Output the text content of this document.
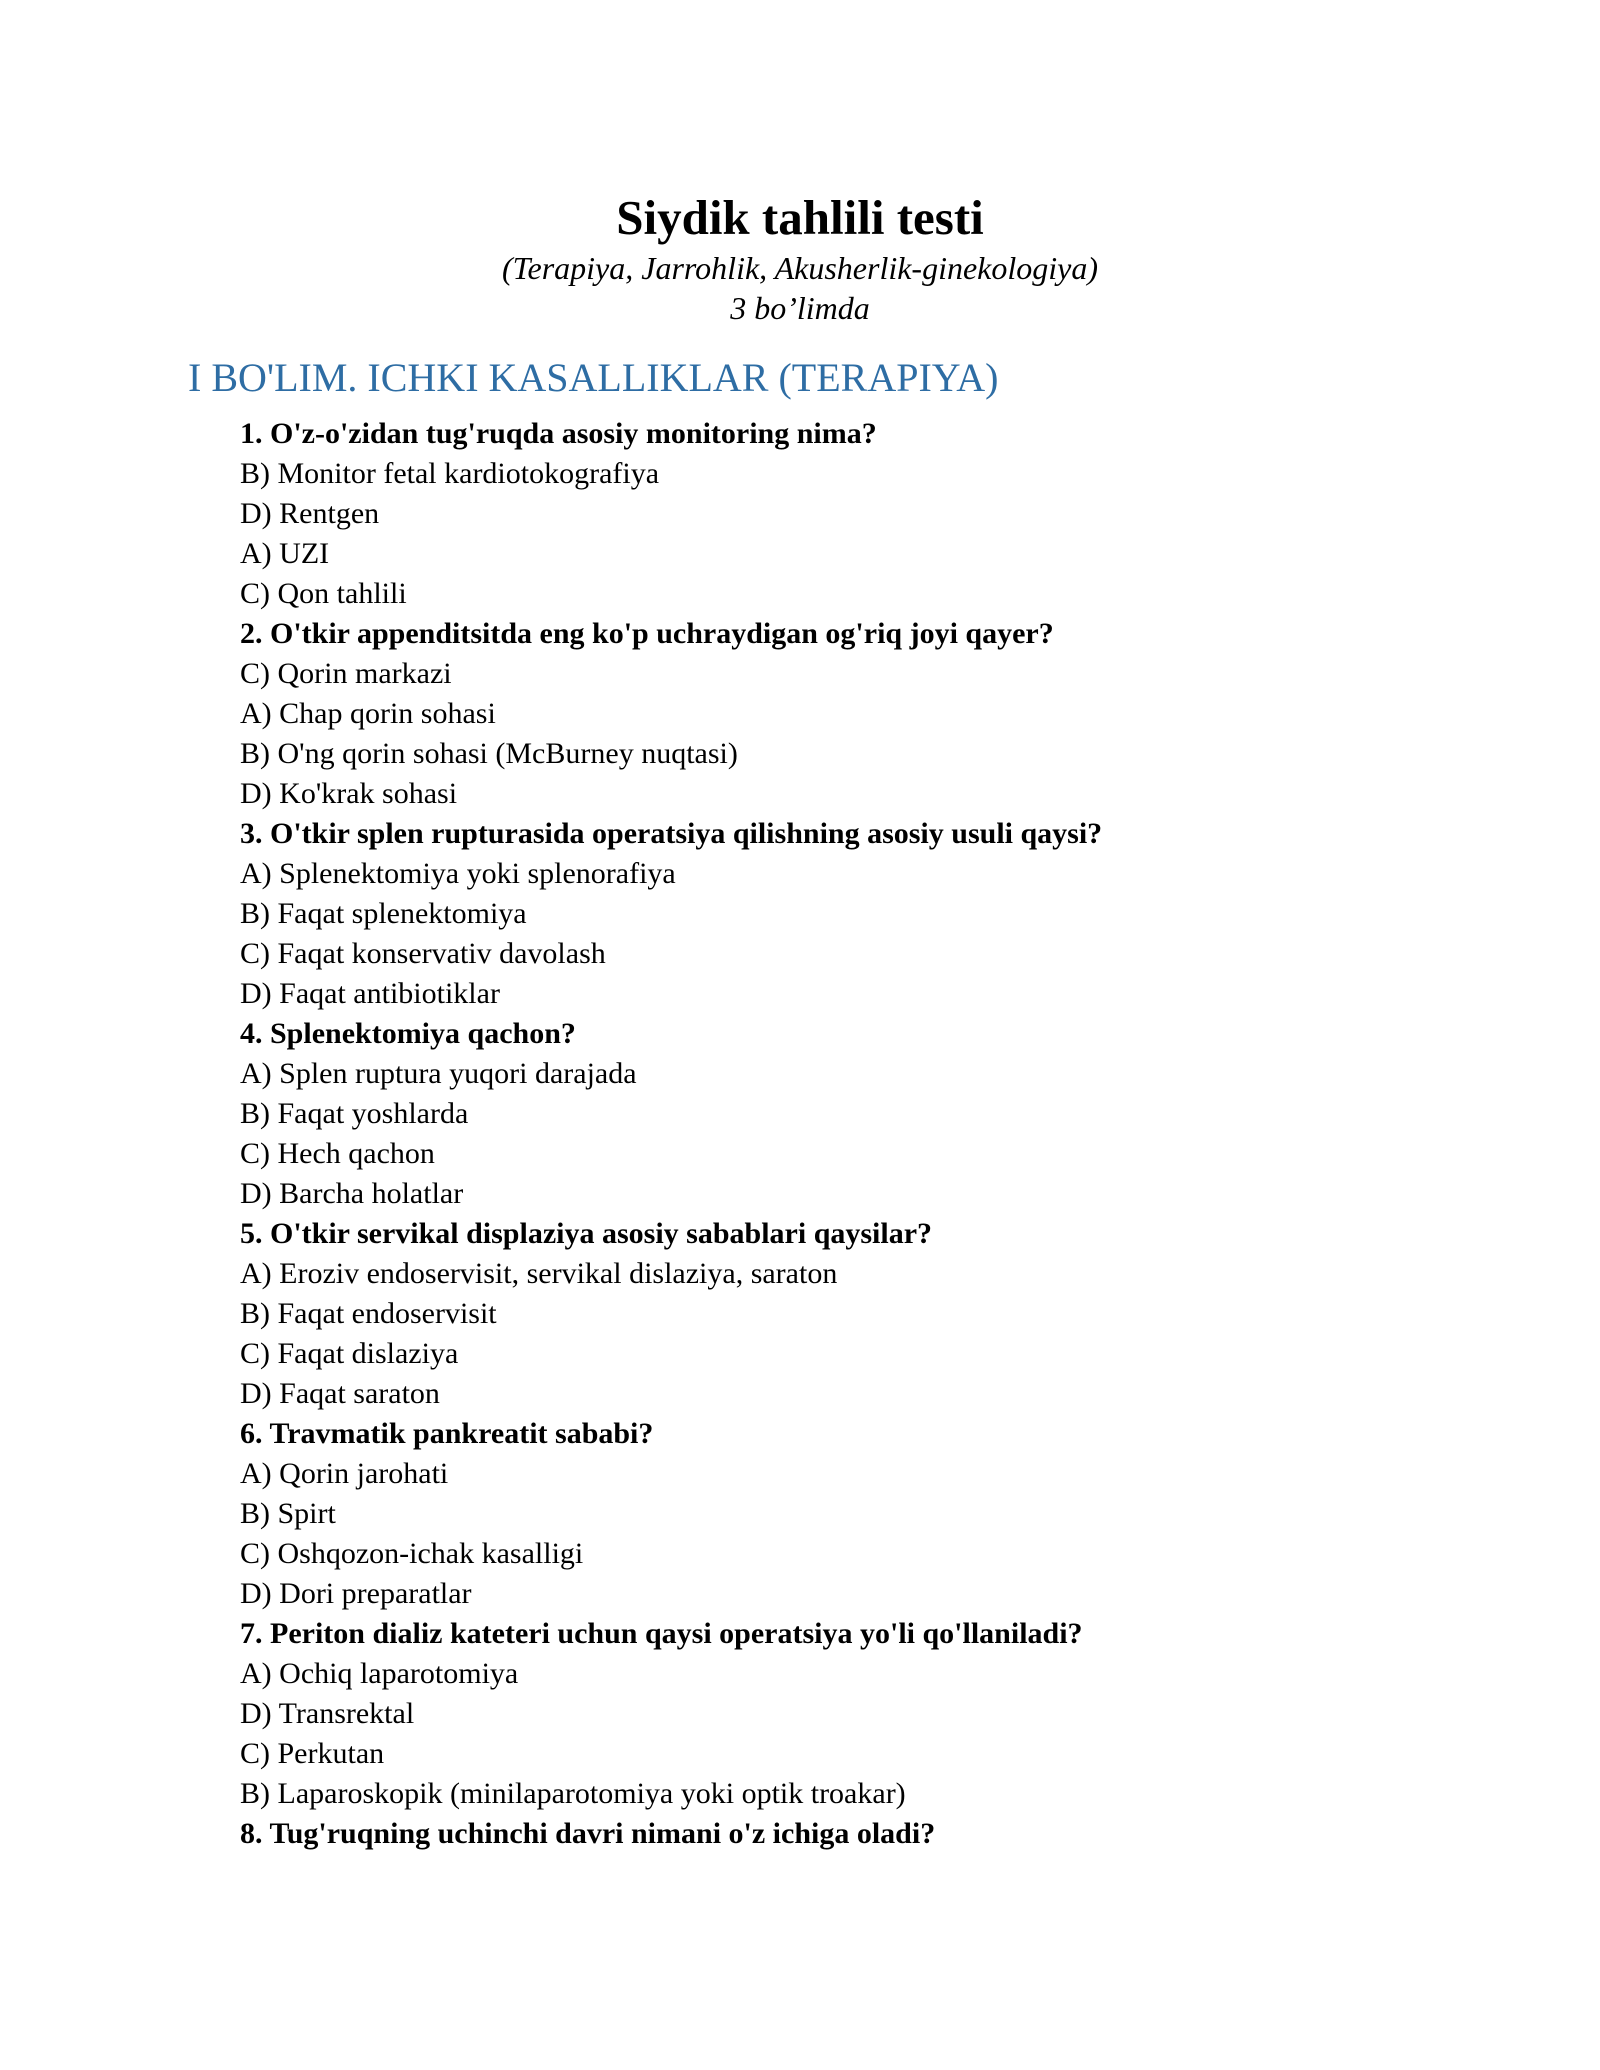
Siydik tahlili testi
(Terapiya, Jarrohlik, Akusherlik-ginekologiya)
3 bo’limda
I BO'LIM. ICHKI KASALLIKLAR (TERAPIYA)
1. O'z-o'zidan tug'ruqda asosiy monitoring nima?
B) Monitor fetal kardiotokografiya
D) Rentgen
A) UZI
C) Qon tahlili
2. O'tkir appenditsitda eng ko'p uchraydigan og'riq joyi qayer?
C) Qorin markazi
A) Chap qorin sohasi
B) O'ng qorin sohasi (McBurney nuqtasi)
D) Ko'krak sohasi
3. O'tkir splen rupturasida operatsiya qilishning asosiy usuli qaysi?
A) Splenektomiya yoki splenorafiya
B) Faqat splenektomiya
C) Faqat konservativ davolash
D) Faqat antibiotiklar
4. Splenektomiya qachon?
A) Splen ruptura yuqori darajada
B) Faqat yoshlarda
C) Hech qachon
D) Barcha holatlar
5. O'tkir servikal displaziya asosiy sabablari qaysilar?
A) Eroziv endoservisit, servikal dislaziya, saraton
B) Faqat endoservisit
C) Faqat dislaziya
D) Faqat saraton
6. Travmatik pankreatit sababi?
A) Qorin jarohati
B) Spirt
C) Oshqozon-ichak kasalligi
D) Dori preparatlar
7. Periton dializ kateteri uchun qaysi operatsiya yo'li qo'llaniladi?
A) Ochiq laparotomiya
D) Transrektal
C) Perkutan
B) Laparoskopik (minilaparotomiya yoki optik troakar)
8. Tug'ruqning uchinchi davri nimani o'z ichiga oladi?
